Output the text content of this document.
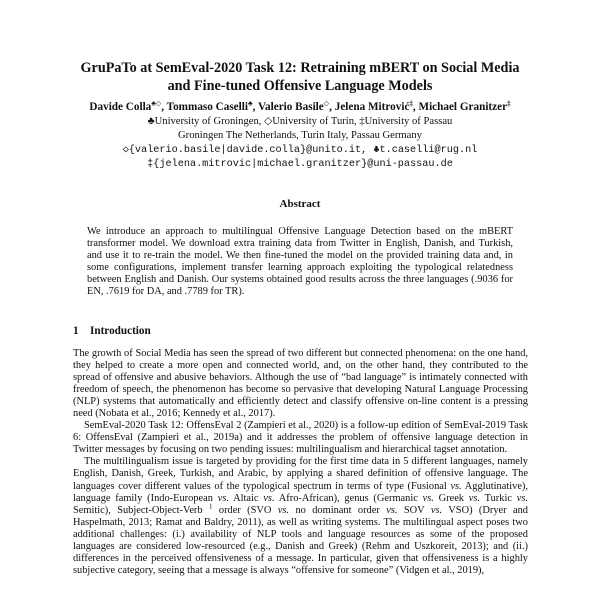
GruPaTo at SemEval-2020 Task 12: Retraining mBERT on Social Media
and Fine-tuned Offensive Language Models
Davide Colla♣◇, Tommaso Caselli♣, Valerio Basile◇, Jelena Mitrović‡, Michael Granitzer‡
♣University of Groningen, ◇University of Turin, ‡University of Passau
Groningen The Netherlands, Turin Italy, Passau Germany
◇{valerio.basile|davide.colla}@unito.it, ♣t.caselli@rug.nl
‡{jelena.mitrovic|michael.granitzer}@uni-passau.de
Abstract
We introduce an approach to multilingual Offensive Language Detection based on the mBERT transformer model. We download extra training data from Twitter in English, Danish, and Turkish, and use it to re-train the model. We then fine-tuned the model on the provided training data and, in some configurations, implement transfer learning approach exploiting the typological relatedness between English and Danish. Our systems obtained good results across the three languages (.9036 for EN, .7619 for DA, and .7789 for TR).
1 Introduction

The growth of Social Media has seen the spread of two different but connected phenomena: on the one hand, they helped to create a more open and connected world, and, on the other hand, they contributed to the spread of offensive and abusive behaviors. Although the use of “bad language” is intimately connected with freedom of speech, the phenomenon has become so pervasive that developing Natural Language Processing (NLP) systems that automatically and efficiently detect and classify offensive on-line content is a pressing need (Nobata et al., 2016; Kennedy et al., 2017).

SemEval-2020 Task 12: OffensEval 2 (Zampieri et al., 2020) is a follow-up edition of SemEval-2019 Task 6: OffensEval (Zampieri et al., 2019a) and it addresses the problem of offensive language detection in Twitter messages by focusing on two pending issues: multilingualism and hierarchical tagset annotation.

The multilingualism issue is targeted by providing for the first time data in 5 different languages, namely English, Danish, Greek, Turkish, and Arabic, by applying a shared definition of offensive language. The languages cover different values of the typological spectrum in terms of type (Fusional vs. Agglutinative), language family (Indo-European vs. Altaic vs. Afro-African), genus (Germanic vs. Greek vs. Turkic vs. Semitic), Subject-Object-Verb $^1$ order (SVO vs. no dominant order vs. SOV vs. VSO) (Dryer and Haspelmath, 2013; Ramat and Baldry, 2011), as well as writing systems. The multilingual aspect poses two additional challenges: (i.) availability of NLP tools and language resources as some of the proposed languages are considered low-resourced (e.g., Danish and Greek) (Rehm and Uszkoreit, 2013); and (ii.) differences in the perceived offensiveness of a message. In particular, given that offensiveness is a highly subjective category, seeing that a message is always “offensive for someone” (Vidgen et al., 2019),
